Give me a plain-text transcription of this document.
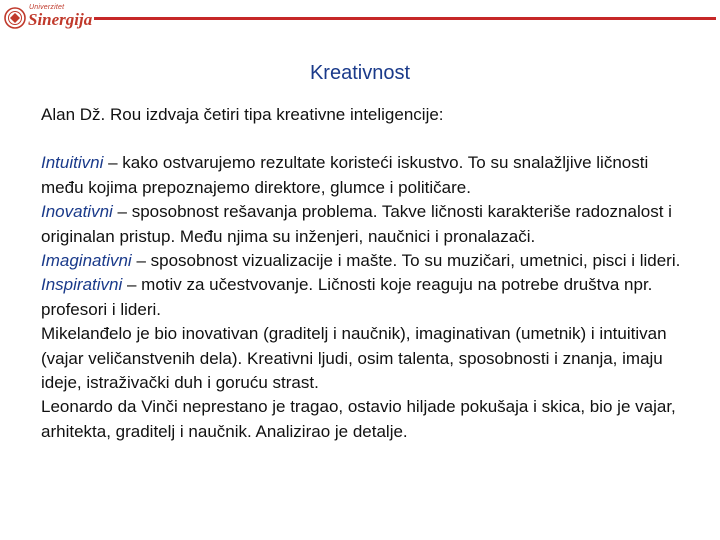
Univerzitet
Sinergija
Kreativnost
Alan Dž. Rou izdvaja četiri tipa kreativne inteligencije:

Intuitivni – kako ostvarujemo rezultate koristeći iskustvo. To su snalažljive ličnosti među kojima prepoznajemo direktore, glumce i političare.

Inovativni – sposobnost rešavanja problema. Takve ličnosti karakteriše radoznalost i originalan pristup. Među njima su inženjeri, naučnici i pronalazači.

Imaginativni – sposobnost vizualizacije i mašte. To su muzičari, umetnici, pisci i lideri.

Inspirativni – motiv za učestvovanje. Ličnosti koje reaguju na potrebe društva npr. profesori i lideri.

Mikelanđelo je bio inovativan (graditelj i naučnik), imaginativan (umetnik) i intuitivan (vajar veličanstvenih dela). Kreativni ljudi, osim talenta, sposobnosti i znanja, imaju ideje, istraživački duh i goruću strast.

Leonardo da Vinči neprestano je tragao, ostavio hiljade pokušaja i skica, bio je vajar, arhitekta, graditelj i naučnik. Analizirao je detalje.
